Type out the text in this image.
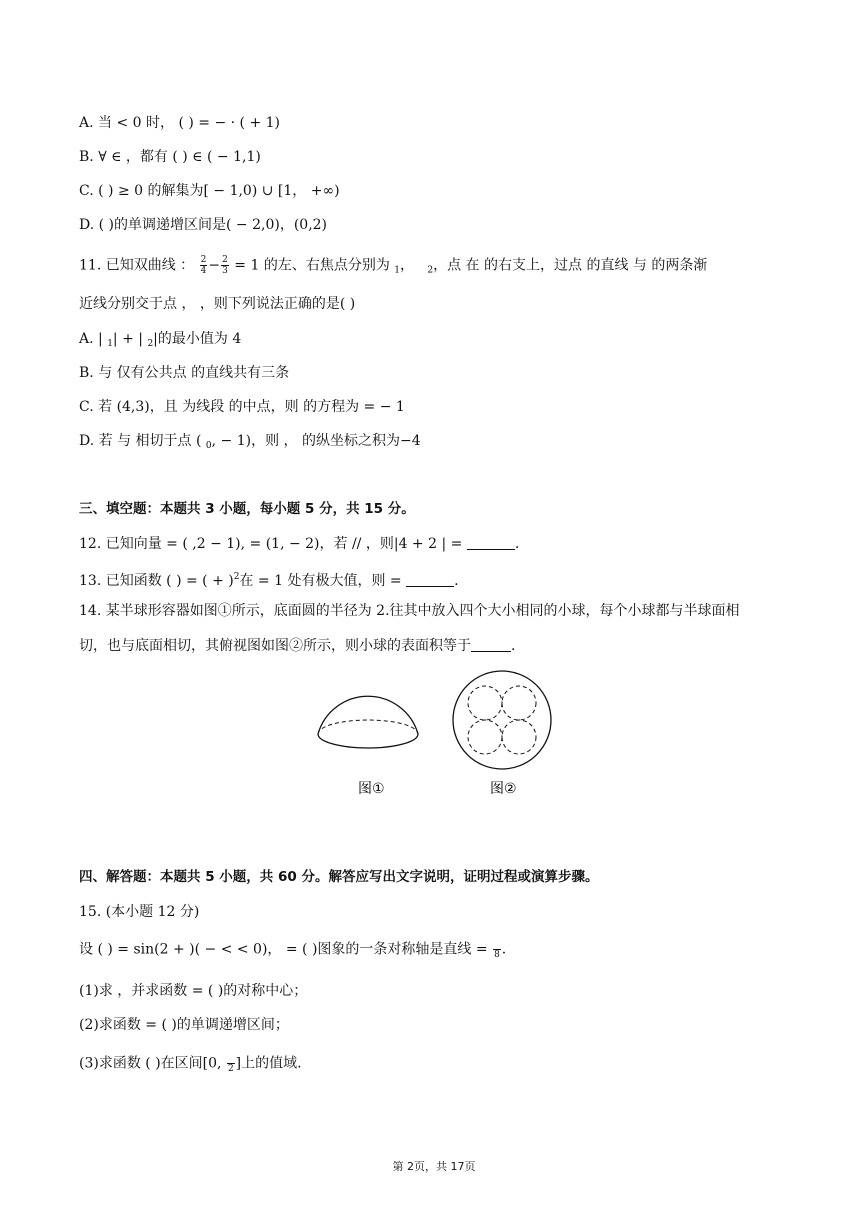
A. 当 < 0 时， ( ) = − · ( + 1)
B. ∀ ∈ ，都有 ( ) ∈ ( − 1,1)
C. ( ) ≥ 0 的解集为[ − 1,0) ∪ [1， +∞)
D. ( )的单调递增区间是( − 2,0)，(0,2)
11. 已知双曲线 ： $\frac{2}{4} - \frac{2}{3} = 1$ 的左、右焦点分别为 $_1$，   $_2$，点 在 的右支上，过点 的直线 与 的两条渐
近线分别交于点 ， ，则下列说法正确的是( )
A. | $_1$| + | $_2$|的最小值为 4
B. 与 仅有公共点 的直线共有三条
C. 若 (4,3)，且 为线段 的中点，则 的方程为 = − 1
D. 若 与 相切于点 ( $_0$, − 1)，则 ， 的纵坐标之积为−4
三、填空题：本题共 3 小题，每小题 5 分，共 15 分。
12. 已知向量 = ( ,2 − 1), = (1, − 2)，若 // ，则|4 + 2 | =	.
13. 已知函数 ( ) = ( + )$^2$在 = 1 处有极大值，则 =	.
14. 某半球形容器如图①所示，底面圆的半径为 2.往其中放入四个大小相同的小球，每个小球都与半球面相
切，也与底面相切，其俯视图如图②所示，则小球的表面积等于	.
图①	图②
四、解答题：本题共 5 小题，共 60 分。解答应写出文字说明，证明过程或演算步骤。
15. (本小题 12 分)
设 ( ) = sin(2 + )( − < < 0)， = ( )图象的一条对称轴是直线 =
8 .
(1)求 ，并求函数 = ( )的对称中心；
(2)求函数 = ( )的单调递增区间；
(3)求函数 ( )在区间[0,
2 ]上的值域.
第 2页，共 17页
